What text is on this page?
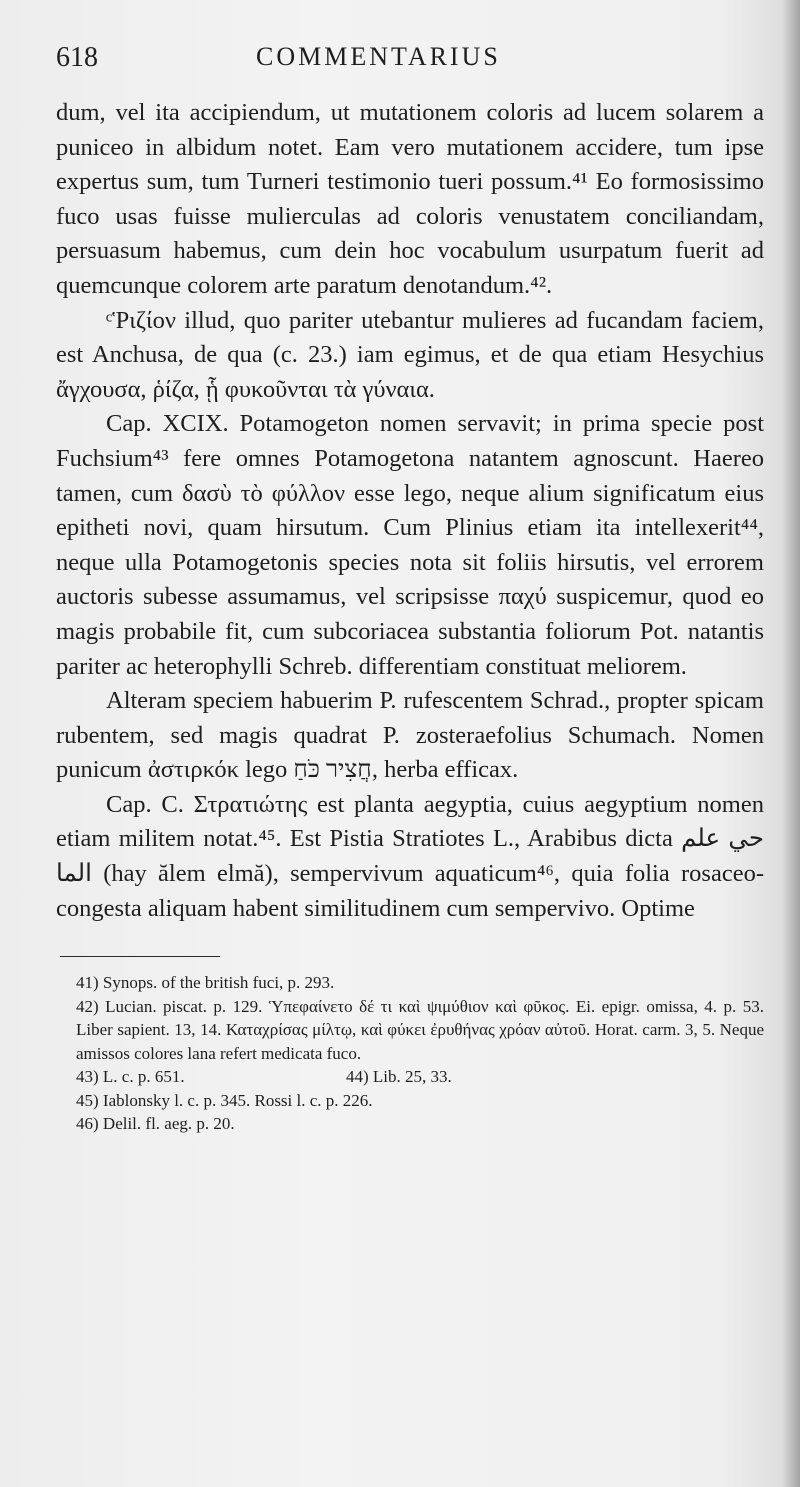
618	COMMENTARIUS

dum, vel ita accipiendum, ut mutationem coloris ad lucem solarem a puniceo in albidum notet. Eam vero mutationem accidere, tum ipse expertus sum, tum Turneri testimonio tueri possum.⁴¹ Eo formosissimo fuco usas fuisse mulierculas ad coloris venustatem conciliandam, persuasum habemus, cum dein hoc vocabulum usurpatum fuerit ad quemcunque colorem arte paratum denotandum.⁴².

ᶜῬιζίον illud, quo pariter utebantur mulieres ad fucandam faciem, est Anchusa, de qua (c. 23.) iam egimus, et de qua etiam Hesychius ἄγχουσα, ῥίζα, ᾗ φυκοῦνται τὰ γύναια.

Cap. XCIX. Potamogeton nomen servavit; in prima specie post Fuchsium⁴³ fere omnes Potamogetona natantem agnoscunt. Haereo tamen, cum δασὺ τὸ φύλλον esse lego, neque alium significatum eius epitheti novi, quam hirsutum. Cum Plinius etiam ita intellexerit⁴⁴, neque ulla Potamogetonis species nota sit foliis hirsutis, vel errorem auctoris subesse assumamus, vel scripsisse παχύ suspicemur, quod eo magis probabile fit, cum subcoriacea substantia foliorum Pot. natantis pariter ac heterophylli Schreb. differentiam constituat meliorem.

Alteram speciem habuerim P. rufescentem Schrad., propter spicam rubentem, sed magis quadrat P. zosteraefolius Schumach. Nomen punicum ἀστιρκόκ lego חֲצִיר כֹּחַ, herba efficax.

Cap. C. Στρατιώτης est planta aegyptia, cuius aegyptium nomen etiam militem notat.⁴⁵. Est Pistia Stratiotes L., Arabibus dicta حي علم الما (hay ălem elmă), sempervivum aquaticum⁴⁶, quia folia rosaceo-congesta aliquam habent similitudinem cum sempervivo. Optime

41) Synops. of the british fuci, p. 293.
42) Lucian. piscat. p. 129. Ὑπεφαίνετο δέ τι καὶ ψιμύθιον καὶ φῦκος. Ei. epigr. omissa, 4. p. 53. Liber sapient. 13, 14. Καταχρίσας μίλτῳ, καὶ φύκει ἐρυθήνας χρόαν αὐτοῦ. Horat. carm. 3, 5. Neque amissos colores lana refert medicata fuco.
43) L. c. p. 651.	44) Lib. 25, 33.
45) Iablonsky l. c. p. 345. Rossi l. c. p. 226.
46) Delil. fl. aeg. p. 20.
